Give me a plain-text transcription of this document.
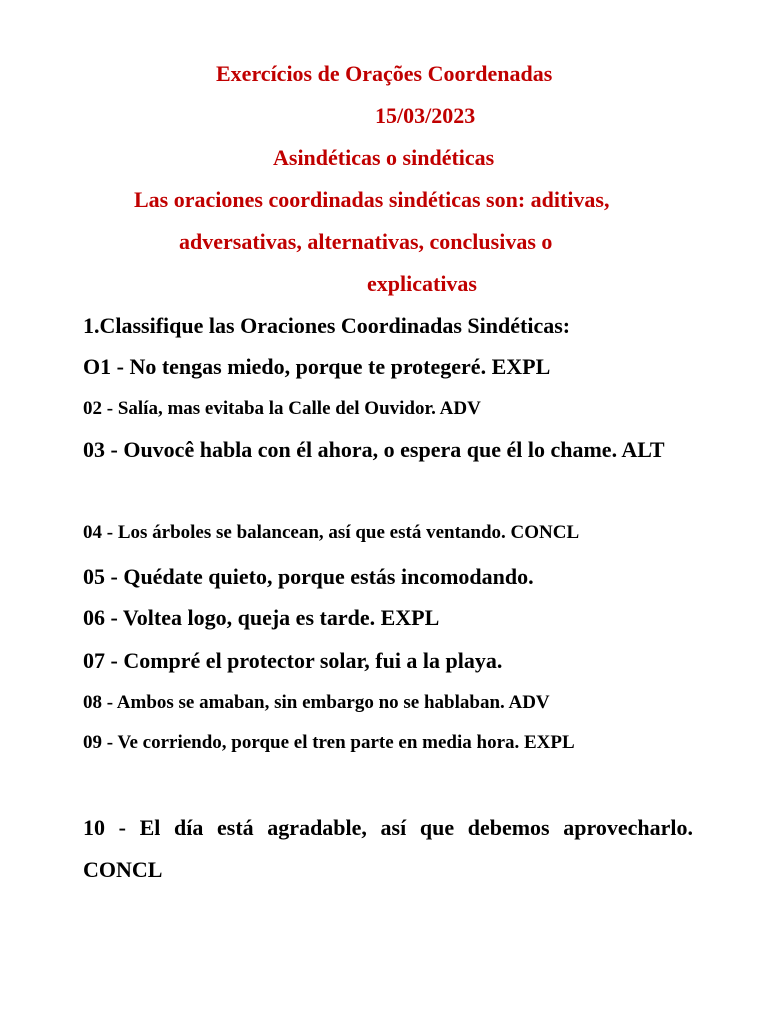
Exercícios de Orações Coordenadas
15/03/2023
Asindéticas o sindéticas
Las oraciones coordinadas sindéticas son: aditivas,
adversativas, alternativas, conclusivas o
explicativas
1.Classifique las Oraciones Coordinadas Sindéticas:
O1 - No tengas miedo, porque te protegeré. EXPL
02 - Salía, mas evitaba la Calle del Ouvidor. ADV
03 - Ouvocê habla con él ahora, o espera que él lo chame. ALT
04 - Los árboles se balancean, así que está ventando. CONCL
05 - Quédate quieto, porque estás incomodando.
06 - Voltea logo, queja es tarde. EXPL
07 - Compré el protector solar, fui a la playa.
08 - Ambos se amaban, sin embargo no se hablaban. ADV
09 - Ve corriendo, porque el tren parte en media hora. EXPL
10 - El día está agradable, así que debemos aprovecharlo. CONCL
